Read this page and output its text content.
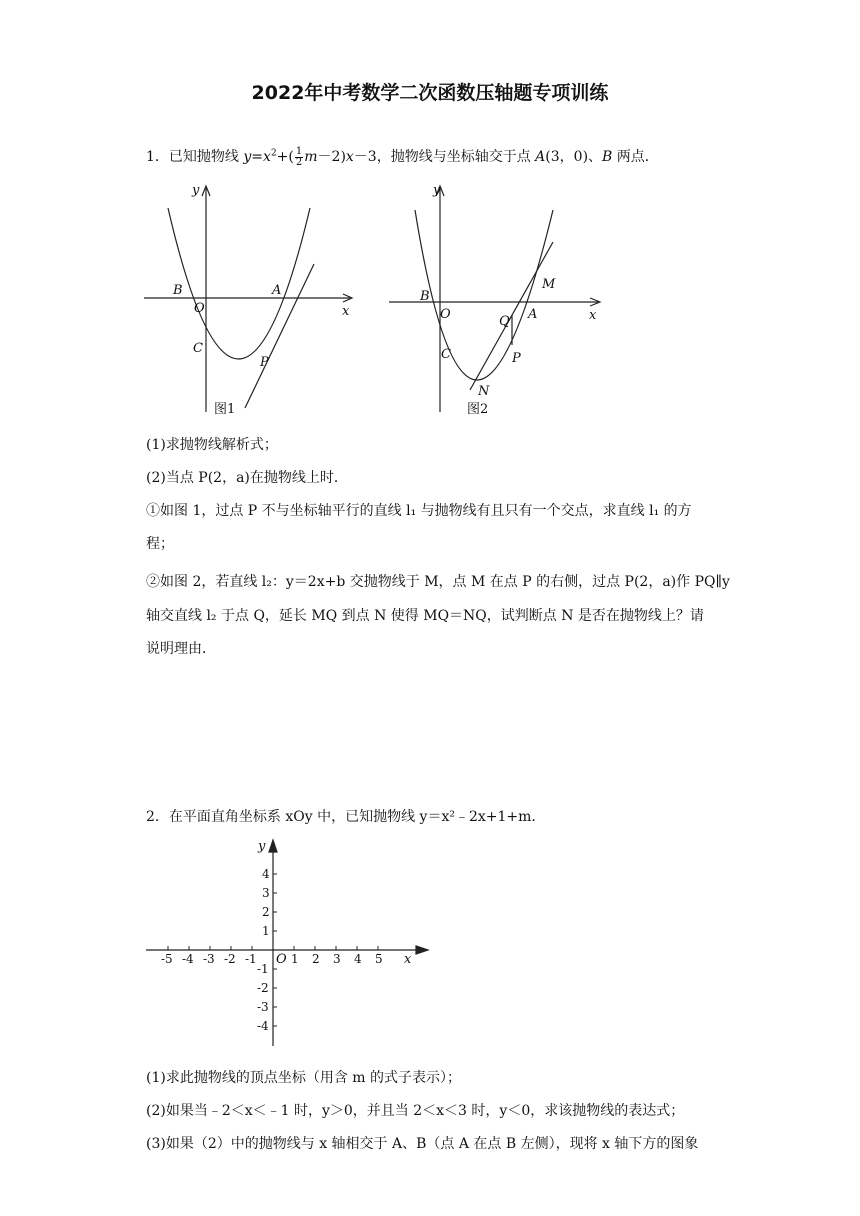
2022年中考数学二次函数压轴题专项训练
1．已知抛物线 $y=x^2+( \frac{1}{2} m-2)x-3$，抛物线与坐标轴交于点 A(3，0)、B 两点．
y
x
B
O
A
C
P
图1
y
x
B
O	A
C
M
Q
P
N
图2
(1)求抛物线解析式；
(2)当点 P(2，a)在抛物线上时．
①如图 1，过点 P 不与坐标轴平行的直线 l₁ 与抛物线有且只有一个交点，求直线 l₁ 的方
程；
②如图 2，若直线 l₂：y＝2x+b 交抛物线于 M，点 M 在点 P 的右侧，过点 P(2，a)作 PQ∥y
轴交直线 l₂ 于点 Q，延长 MQ 到点 N 使得 MQ＝NQ，试判断点 N 是否在抛物线上？请
说明理由．
2．在平面直角坐标系 xOy 中，已知抛物线 y＝x²﹣2x+1+m．
-5 -4 -3 -2 -1	1 2 3 4 5
4
3
2
1
-1
-2
-3
-4
y
x
O
(1)求此抛物线的顶点坐标（用含 m 的式子表示）；
(2)如果当﹣2＜x＜﹣1 时，y＞0，并且当 2＜x＜3 时，y＜0，求该抛物线的表达式；
(3)如果（2）中的抛物线与 x 轴相交于 A、B（点 A 在点 B 左侧），现将 x 轴下方的图象
